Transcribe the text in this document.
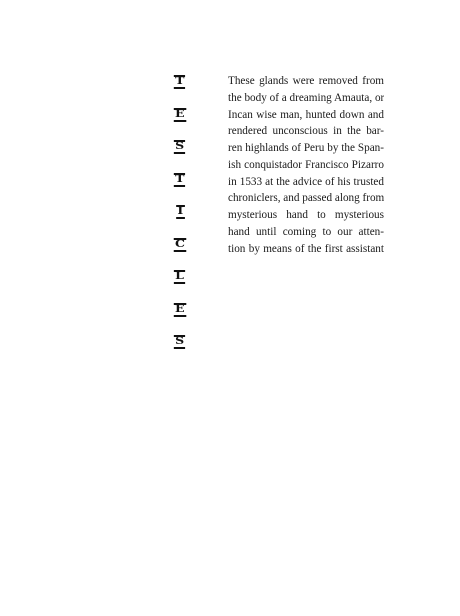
T
E
S
T
I
C
L
E
S

These glands were removed from
the body of a dreaming Amauta, or
Incan wise man, hunted down and
rendered unconscious in the bar-
ren highlands of Peru by the Span-
ish conquistador Francisco Pizarro
in 1533 at the advice of his trusted
chroniclers, and passed along from
mysterious hand to mysterious
hand until coming to our atten-
tion by means of the first assistant
